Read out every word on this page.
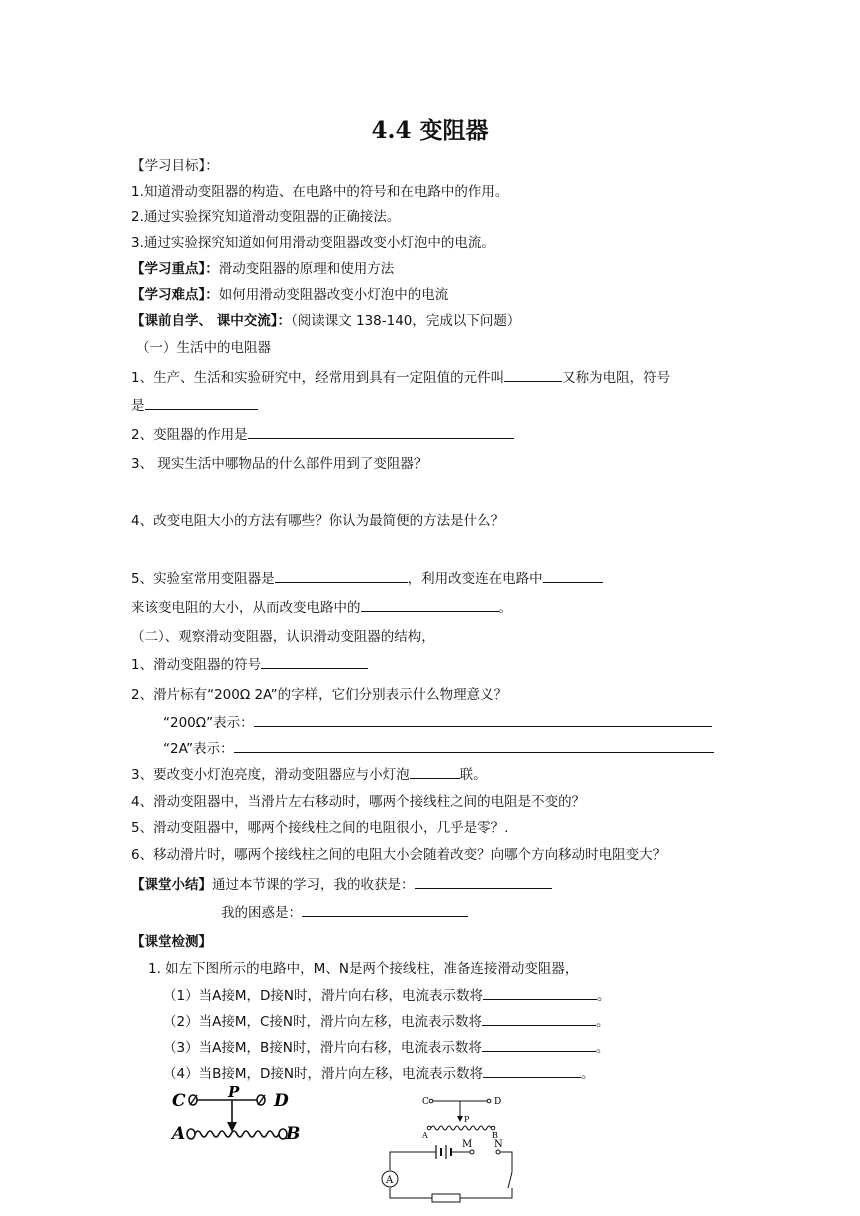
4.4 变阻器
【学习目标】：
1.知道滑动变阻器的构造、在电路中的符号和在电路中的作用。
2.通过实验探究知道滑动变阻器的正确接法。
3.通过实验探究知道如何用滑动变阻器改变小灯泡中的电流。
【学习重点】：滑动变阻器的原理和使用方法
【学习难点】：如何用滑动变阻器改变小灯泡中的电流
【课前自学、 课中交流】：（阅读课文 138-140，完成以下问题）
（一）生活中的电阻器
1、生产、生活和实验研究中，经常用到具有一定阻值的元件叫	又称为电阻，符号
是
2、变阻器的作用是
3、 现实生活中哪物品的什么部件用到了变阻器？
4、改变电阻大小的方法有哪些？你认为最简便的方法是什么？
5、实验室常用变阻器是	，利用改变连在电路中
来该变电阻的大小，从而改变电路中的	。
（二）、观察滑动变阻器，认识滑动变阻器的结构，
1、滑动变阻器的符号
2、滑片标有“200Ω 2A”的字样，它们分别表示什么物理意义？
“200Ω”表示：
“2A”表示：
3、要改变小灯泡亮度，滑动变阻器应与小灯泡	联。
4、滑动变阻器中，当滑片左右移动时，哪两个接线柱之间的电阻是不变的？
5、滑动变阻器中，哪两个接线柱之间的电阻很小，几乎是零？.
6、移动滑片时，哪两个接线柱之间的电阻大小会随着改变？向哪个方向移动时电阻变大？
【课堂小结】通过本节课的学习，我的收获是：
我的困惑是：
【课堂检测】
1. 如左下图所示的电路中，M、N是两个接线柱，准备连接滑动变阻器，
（1）当A接M，D接N时，滑片向右移，电流表示数将	。
（2）当A接M，C接N时，滑片向左移，电流表示数将	。
（3）当A接M，B接N时，滑片向右移，电流表示数将	。
（4）当B接M，D接N时，滑片向左移，电流表示数将	。
C	D
P
A	B
C	D
P
A	B
M N
A
